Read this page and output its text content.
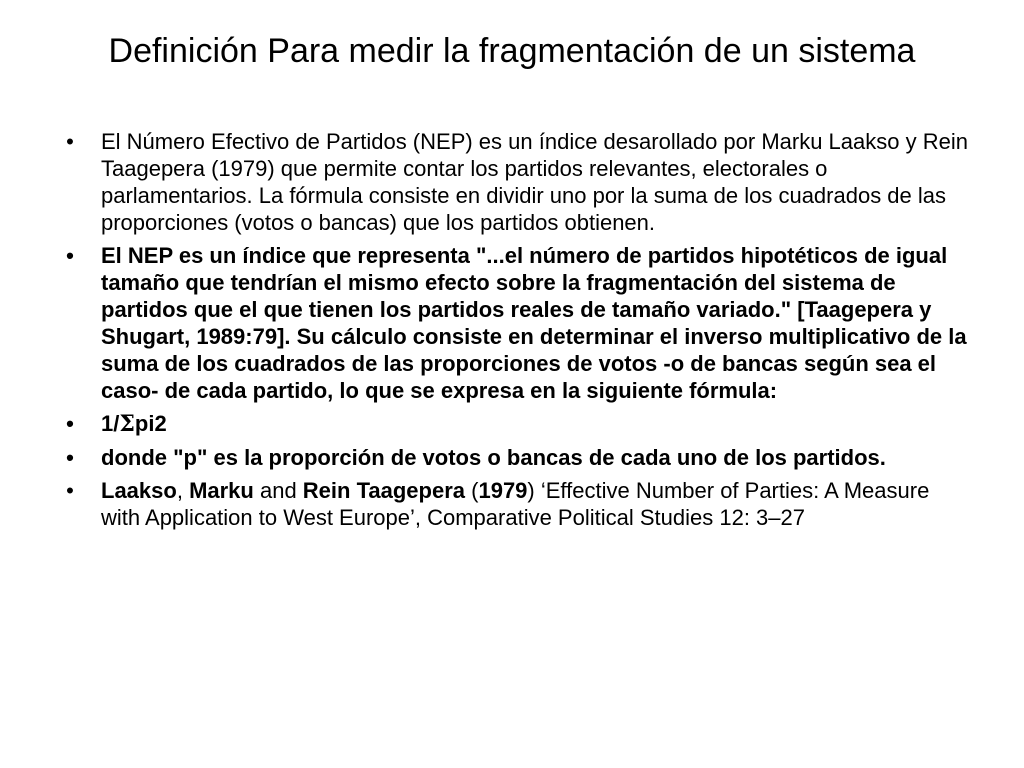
Definición Para medir la fragmentación de un sistema
• El Número Efectivo de Partidos (NEP) es un índice desarollado por Marku Laakso y Rein Taagepera (1979) que permite contar los partidos relevantes, electorales o parlamentarios. La fórmula consiste en dividir uno por la suma de los cuadrados de las proporciones (votos o bancas) que los partidos obtienen.
• El NEP es un índice que representa "...el número de partidos hipotéticos de igual tamaño que tendrían el mismo efecto sobre la fragmentación del sistema de partidos que el que tienen los partidos reales de tamaño variado." [Taagepera y Shugart, 1989:79]. Su cálculo consiste en determinar el inverso multiplicativo de la suma de los cuadrados de las proporciones de votos -o de bancas según sea el caso- de cada partido, lo que se expresa en la siguiente fórmula:
• 1/Σpi2
• donde "p" es la proporción de votos o bancas de cada uno de los partidos.
• Laakso, Marku and Rein Taagepera (1979) ‘Effective Number of Parties: A Measure with Application to West Europe’, Comparative Political Studies 12: 3–27
